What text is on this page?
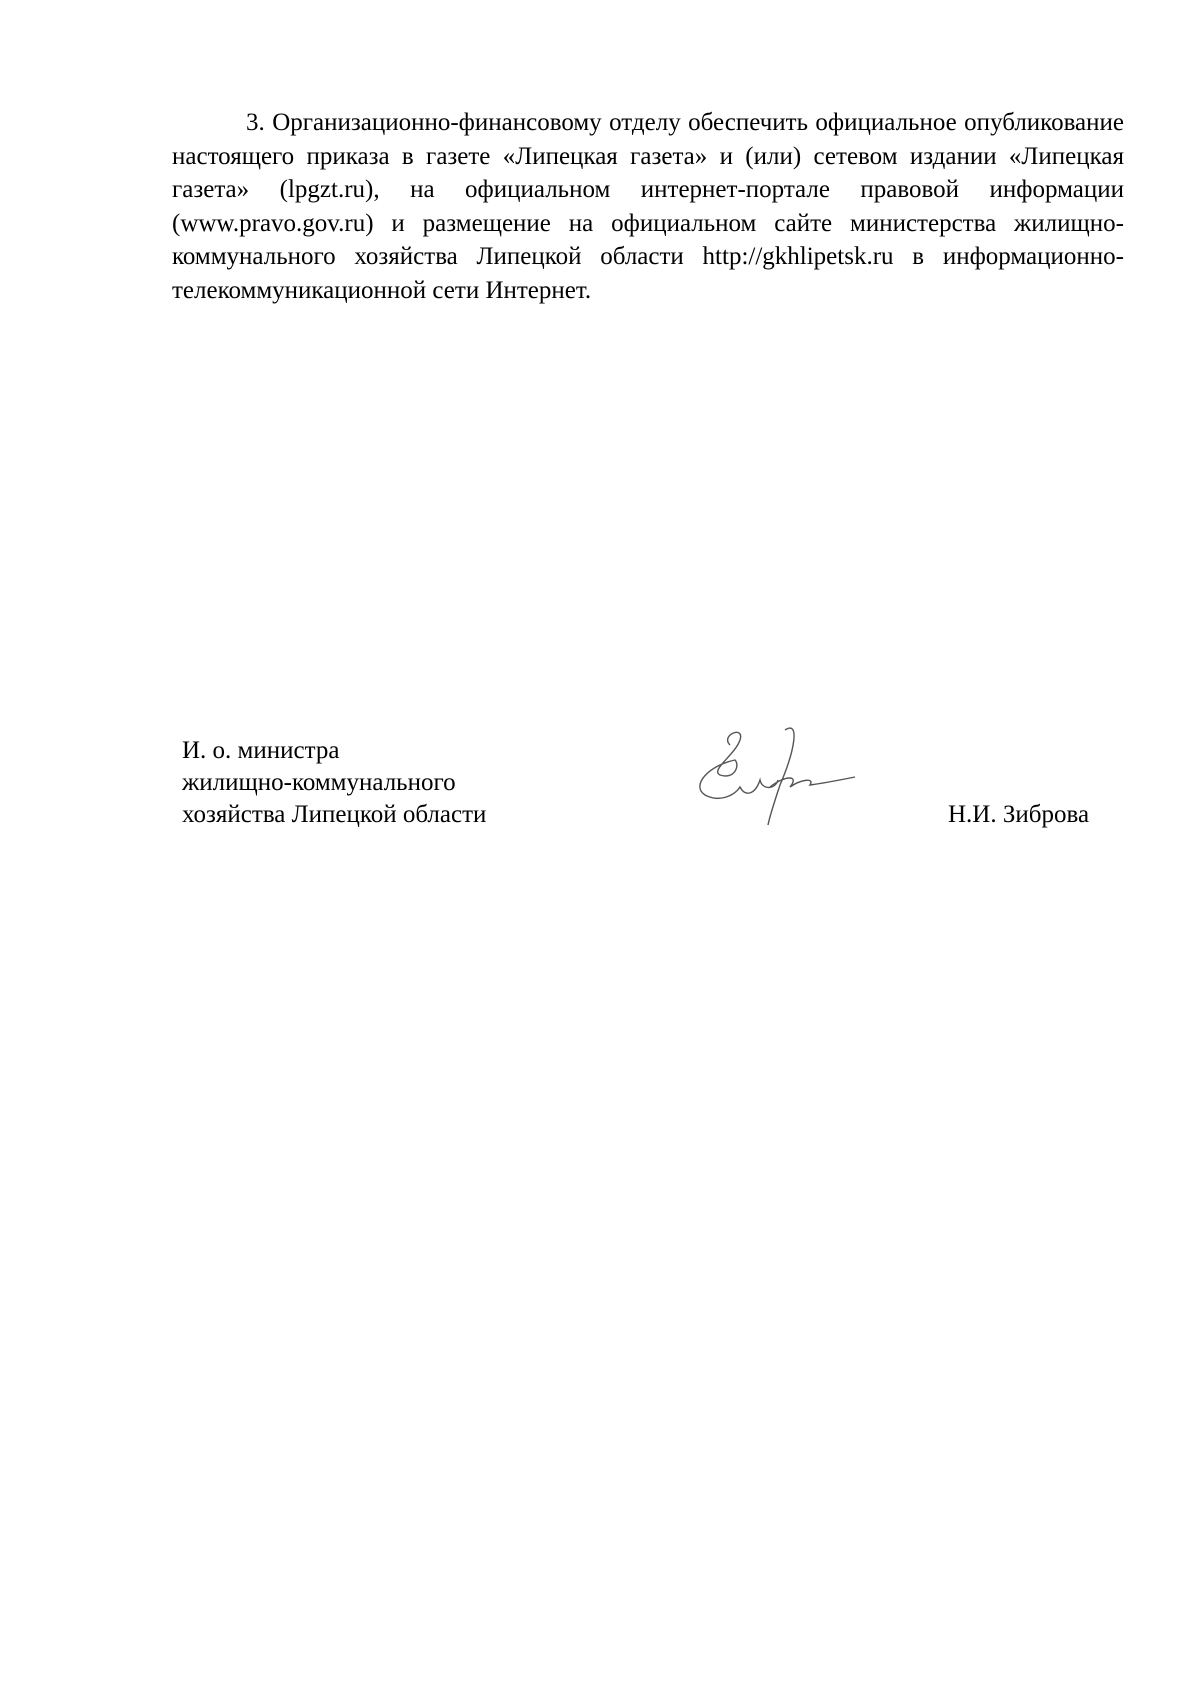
3. Организационно-финансовому отделу обеспечить официальное опубликование настоящего приказа в газете «Липецкая газета» и (или) сетевом издании «Липецкая газета» (lpgzt.ru), на официальном интернет-портале правовой информации (www.pravo.gov.ru) и размещение на официальном сайте министерства жилищно-коммунального хозяйства Липецкой области http://gkhlipetsk.ru в информационно-телекоммуникационной сети Интернет.
И. о. министра
жилищно-коммунального
хозяйства Липецкой области	Н.И. Зиброва
